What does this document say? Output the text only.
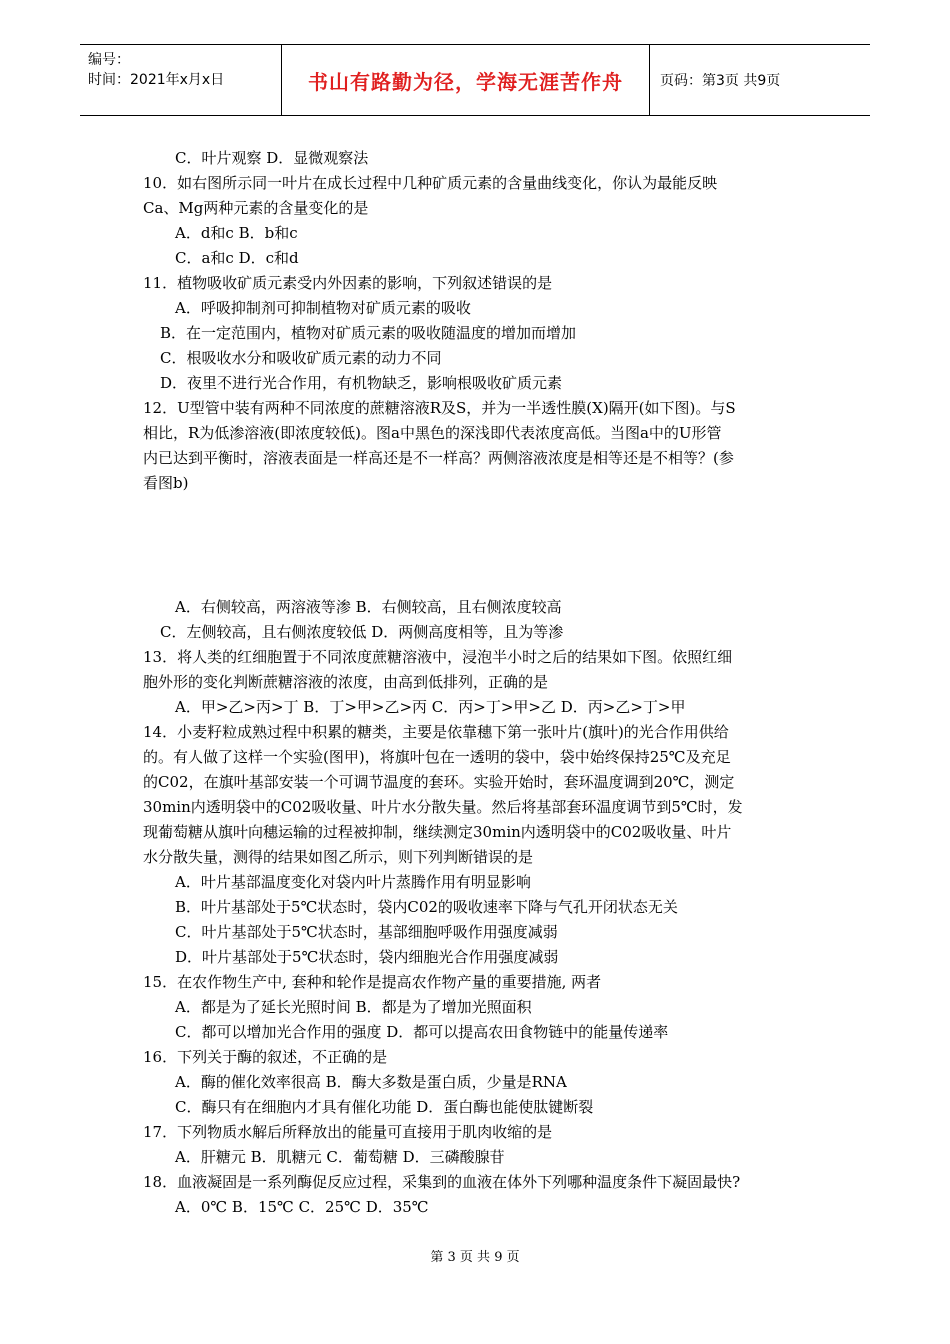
编号：
时间：2021年x月x日	书山有路勤为径，学海无涯苦作舟	页码：第3页 共9页
C．叶片观察 D．显微观察法
10．如右图所示同一叶片在成长过程中几种矿质元素的含量曲线变化，你认为最能反映
Ca、Mg两种元素的含量变化的是
A．d和c B．b和c
C．a和c D．c和d
11．植物吸收矿质元素受内外因素的影响，下列叙述错误的是
A．呼吸抑制剂可抑制植物对矿质元素的吸收
B．在一定范围内，植物对矿质元素的吸收随温度的增加而增加
C．根吸收水分和吸收矿质元素的动力不同
D．夜里不进行光合作用，有机物缺乏，影响根吸收矿质元素
12．U型管中装有两种不同浓度的蔗糖溶液R及S，并为一半透性膜(X)隔开(如下图)。与S
相比，R为低渗溶液(即浓度较低)。图a中黑色的深浅即代表浓度高低。当图a中的U形管
内已达到平衡时，溶液表面是一样高还是不一样高？两侧溶液浓度是相等还是不相等？(参
看图b)
A．右侧较高，两溶液等渗 B．右侧较高，且右侧浓度较高
C．左侧较高，且右侧浓度较低 D．两侧高度相等，且为等渗
13．将人类的红细胞置于不同浓度蔗糖溶液中，浸泡半小时之后的结果如下图。依照红细
胞外形的变化判断蔗糖溶液的浓度，由高到低排列，正确的是
A．甲>乙>丙>丁 B．丁>甲>乙>丙 C．丙>丁>甲>乙 D．丙>乙>丁>甲
14．小麦籽粒成熟过程中积累的糖类，主要是依靠穗下第一张叶片(旗叶)的光合作用供给
的。有人做了这样一个实验(图甲)，将旗叶包在一透明的袋中，袋中始终保持25℃及充足
的C02，在旗叶基部安装一个可调节温度的套环。实验开始时，套环温度调到20℃，测定
30min内透明袋中的C02吸收量、叶片水分散失量。然后将基部套环温度调节到5℃时，发
现葡萄糖从旗叶向穗运输的过程被抑制，继续测定30min内透明袋中的C02吸收量、叶片
水分散失量，测得的结果如图乙所示，则下列判断错误的是
A．叶片基部温度变化对袋内叶片蒸腾作用有明显影响
B．叶片基部处于5℃状态时，袋内C02的吸收速率下降与气孔开闭状态无关
C．叶片基部处于5℃状态时，基部细胞呼吸作用强度减弱
D．叶片基部处于5℃状态时，袋内细胞光合作用强度减弱
15．在农作物生产中, 套种和轮作是提高农作物产量的重要措施, 两者
A．都是为了延长光照时间 B．都是为了增加光照面积
C．都可以增加光合作用的强度 D．都可以提高农田食物链中的能量传递率
16．下列关于酶的叙述，不正确的是
A．酶的催化效率很高 B．酶大多数是蛋白质，少量是RNA
C．酶只有在细胞内才具有催化功能 D．蛋白酶也能使肽键断裂
17．下列物质水解后所释放出的能量可直接用于肌肉收缩的是
A．肝糖元 B．肌糖元 C．葡萄糖 D．三磷酸腺苷
18．血液凝固是一系列酶促反应过程，采集到的血液在体外下列哪种温度条件下凝固最快?
A．0℃ B．15℃ C．25℃ D．35℃
第 3 页 共 9 页
